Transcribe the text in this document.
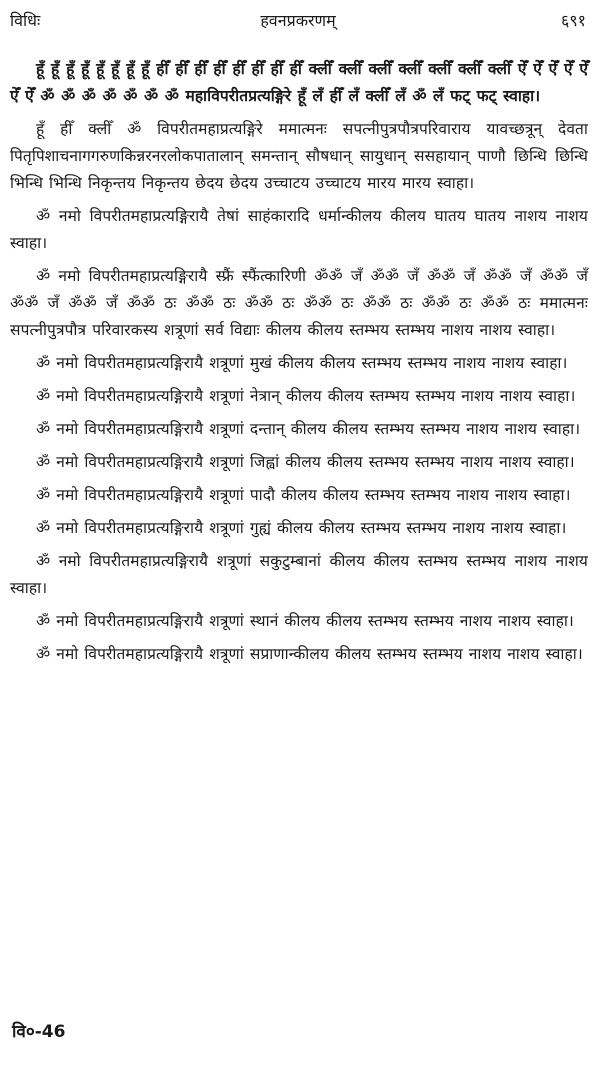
विधिः	हवनप्रकरणम्	६९१

हूँ हूँ हूँ हूँ हूँ हूँ हूँ हूँ हीँ हीँ हीँ हीँ हीँ हीँ हीँ हीँ क्लीँ क्लीँ क्लीँ क्लीँ क्लीँ क्लीँ क्लीँ ऐँ ऐँ ऐँ ऐँ ऐँ ऐँ ऐँ ॐ ॐ ॐ ॐ ॐ ॐ ॐ महाविपरीतप्रत्यङ्गिरे हूँ लँ हीँ लँ क्लीँ लँ ॐ लँ फट् फट् स्वाहा।

हूँ हीँ क्लीँ ॐ विपरीतमहाप्रत्यङ्गिरे ममात्मनः सपत्नीपुत्रपौत्रपरिवाराय यावच्छत्रून् देवता पितृपिशाचनागगरुणकिन्नरनरलोकपातालान् समन्तान् सौषधान् सायुधान् ससहायान् पाणौ छिन्धि छिन्धि भिन्धि भिन्धि निकृन्तय निकृन्तय छेदय छेदय उच्चाटय उच्चाटय मारय मारय स्वाहा।

ॐ नमो विपरीतमहाप्रत्यङ्गिरायै तेषां साहंकारादि धर्मान्कीलय कीलय घातय घातय नाशय नाशय स्वाहा।

ॐ नमो विपरीतमहाप्रत्यङ्गिरायै स्फ्रैं स्फैंत्कारिणी ॐॐ जँ ॐॐ जँ ॐॐ जँ ॐॐ जँ ॐॐ जँ ॐॐ जँ ॐॐ जँ ॐॐ ठः ॐॐ ठः ॐॐ ठः ॐॐ ठः ॐॐ ठः ॐॐ ठः ॐॐ ठः ममात्मनः सपत्नीपुत्रपौत्र परिवारकस्य शत्रूणां सर्व विद्याः कीलय कीलय स्तम्भय स्तम्भय नाशय नाशय स्वाहा।

ॐ नमो विपरीतमहाप्रत्यङ्गिरायै शत्रूणां मुखं कीलय कीलय स्तम्भय स्तम्भय नाशय नाशय स्वाहा।

ॐ नमो विपरीतमहाप्रत्यङ्गिरायै शत्रूणां नेत्रान् कीलय कीलय स्तम्भय स्तम्भय नाशय नाशय स्वाहा।

ॐ नमो विपरीतमहाप्रत्यङ्गिरायै शत्रूणां दन्तान् कीलय कीलय स्तम्भय स्तम्भय नाशय नाशय स्वाहा।

ॐ नमो विपरीतमहाप्रत्यङ्गिरायै शत्रूणां जिह्वां कीलय कीलय स्तम्भय स्तम्भय नाशय नाशय स्वाहा।

ॐ नमो विपरीतमहाप्रत्यङ्गिरायै शत्रूणां पादौ कीलय कीलय स्तम्भय स्तम्भय नाशय नाशय स्वाहा।

ॐ नमो विपरीतमहाप्रत्यङ्गिरायै शत्रूणां गुह्यं कीलय कीलय स्तम्भय स्तम्भय नाशय नाशय स्वाहा।

ॐ नमो विपरीतमहाप्रत्यङ्गिरायै शत्रूणां सकुटुम्बानां कीलय कीलय स्तम्भय स्तम्भय नाशय नाशय स्वाहा।

ॐ नमो विपरीतमहाप्रत्यङ्गिरायै शत्रूणां स्थानं कीलय कीलय स्तम्भय स्तम्भय नाशय नाशय स्वाहा।

ॐ नमो विपरीतमहाप्रत्यङ्गिरायै शत्रूणां सप्राणान्कीलय कीलय स्तम्भय स्तम्भय नाशय नाशय स्वाहा।

वि०-46
